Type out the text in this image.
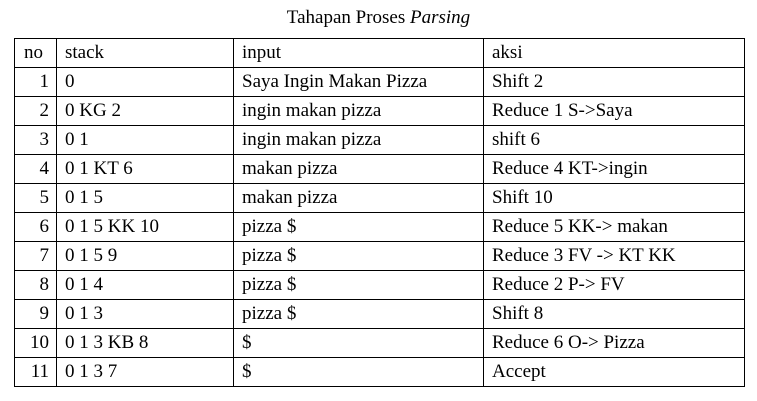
Tahapan Proses Parsing
no	stack	input	aksi
1	0	Saya Ingin Makan Pizza	Shift 2
2	0 KG 2	ingin makan pizza	Reduce 1 S->Saya
3	0 1	ingin makan pizza	shift 6
4	0 1 KT 6	makan pizza	Reduce 4 KT->ingin
5	0 1 5	makan pizza	Shift 10
6	0 1 5 KK 10	pizza $	Reduce 5 KK-> makan
7	0 1 5 9	pizza $	Reduce 3 FV -> KT KK
8	0 1 4	pizza $	Reduce 2 P-> FV
9	0 1 3	pizza $	Shift 8
10	0 1 3 KB 8	$	Reduce 6 O-> Pizza
11	0 1 3 7	$	Accept
